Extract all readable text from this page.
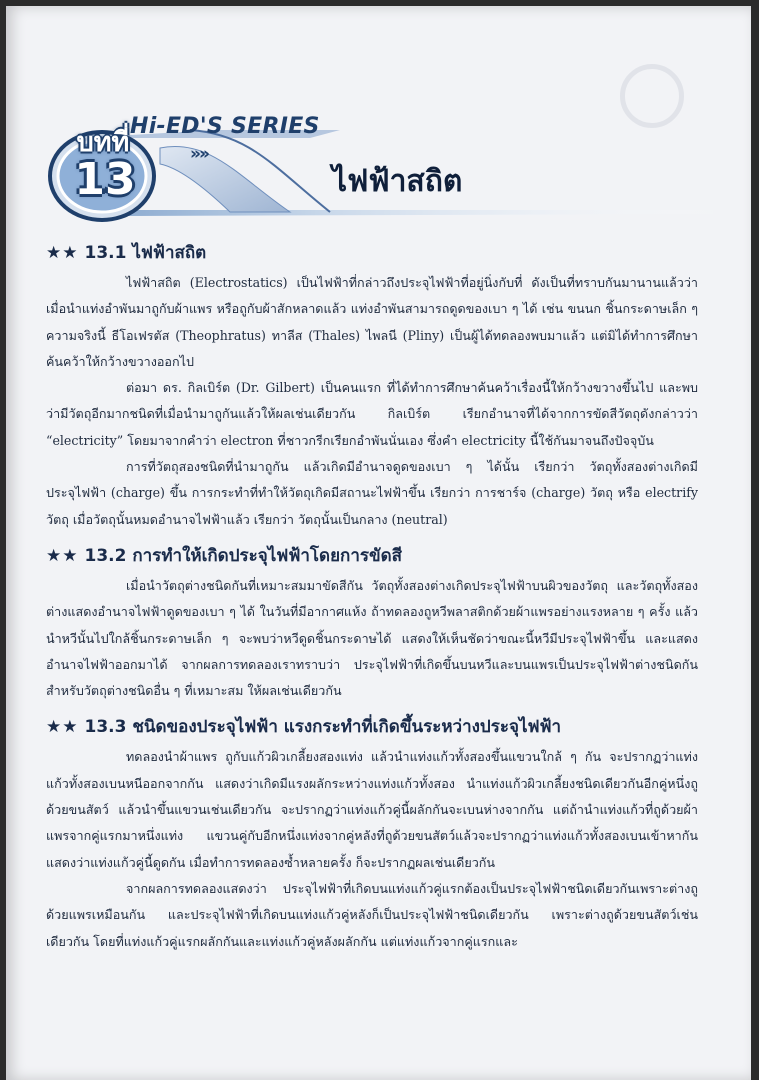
บทที่
13
Hi-ED'S SERIES
»»
ไฟฟ้าสถิต
★★ 13.1 ไฟฟ้าสถิต

ไฟฟ้าสถิต (Electrostatics) เป็นไฟฟ้าที่กล่าวถึงประจุไฟฟ้าที่อยู่นิ่งกับที่ ดังเป็นที่ทราบกันมานานแล้วว่า เมื่อนำแท่งอำพันมาถูกับผ้าแพร หรือถูกับผ้าสักหลาดแล้ว แท่งอำพันสามารถดูดของเบา ๆ ได้ เช่น ขนนก ชิ้นกระดาษเล็ก ๆ ความจริงนี้ ธีโอเฟรตัส (Theophratus) ทาลีส (Thales) ไพลนี (Pliny) เป็นผู้ได้ทดลองพบมาแล้ว แต่มิได้ทำการศึกษาค้นคว้าให้กว้างขวางออกไป

ต่อมา ดร. กิลเบิร์ต (Dr. Gilbert) เป็นคนแรก ที่ได้ทำการศึกษาค้นคว้าเรื่องนี้ให้กว้างขวางขึ้นไป และพบว่ามีวัตถุอีกมากชนิดที่เมื่อนำมาถูกันแล้วให้ผลเช่นเดียวกัน กิลเบิร์ต เรียกอำนาจที่ได้จากการขัดสีวัตถุดังกล่าวว่า “electricity” โดยมาจากคำว่า electron ที่ชาวกรีกเรียกอำพันนั่นเอง ซึ่งคำ electricity นี้ใช้กันมาจนถึงปัจจุบัน

การที่วัตถุสองชนิดที่นำมาถูกัน แล้วเกิดมีอำนาจดูดของเบา ๆ ได้นั้น เรียกว่า วัตถุทั้งสองต่างเกิดมีประจุไฟฟ้า (charge) ขึ้น การกระทำที่ทำให้วัตถุเกิดมีสถานะไฟฟ้าขึ้น เรียกว่า การชาร์จ (charge) วัตถุ หรือ electrify วัตถุ เมื่อวัตถุนั้นหมดอำนาจไฟฟ้าแล้ว เรียกว่า วัตถุนั้นเป็นกลาง (neutral)

★★ 13.2 การทำให้เกิดประจุไฟฟ้าโดยการขัดสี

เมื่อนำวัตถุต่างชนิดกันที่เหมาะสมมาขัดสีกัน วัตถุทั้งสองต่างเกิดประจุไฟฟ้าบนผิวของวัตถุ และวัตถุทั้งสองต่างแสดงอำนาจไฟฟ้าดูดของเบา ๆ ได้ ในวันที่มีอากาศแห้ง ถ้าทดลองถูหวีพลาสติกด้วยผ้าแพรอย่างแรงหลาย ๆ ครั้ง แล้วนำหวีนั้นไปใกล้ชิ้นกระดาษเล็ก ๆ จะพบว่าหวีดูดชิ้นกระดาษได้ แสดงให้เห็นชัดว่าขณะนี้หวีมีประจุไฟฟ้าขึ้น และแสดงอำนาจไฟฟ้าออกมาได้ จากผลการทดลองเราทราบว่า ประจุไฟฟ้าที่เกิดขึ้นบนหวีและบนแพรเป็นประจุไฟฟ้าต่างชนิดกัน สำหรับวัตถุต่างชนิดอื่น ๆ ที่เหมาะสม ให้ผลเช่นเดียวกัน

★★ 13.3 ชนิดของประจุไฟฟ้า แรงกระทำที่เกิดขึ้นระหว่างประจุไฟฟ้า

ทดลองนำผ้าแพร ถูกับแก้วผิวเกลี้ยงสองแท่ง แล้วนำแท่งแก้วทั้งสองขึ้นแขวนใกล้ ๆ กัน จะปรากฏว่าแท่งแก้วทั้งสองเบนหนีออกจากกัน แสดงว่าเกิดมีแรงผลักระหว่างแท่งแก้วทั้งสอง นำแท่งแก้วผิวเกลี้ยงชนิดเดียวกันอีกคู่หนึ่งถูด้วยขนสัตว์ แล้วนำขึ้นแขวนเช่นเดียวกัน จะปรากฏว่าแท่งแก้วคู่นี้ผลักกันจะเบนห่างจากกัน แต่ถ้านำแท่งแก้วที่ถูด้วยผ้าแพรจากคู่แรกมาหนึ่งแท่ง แขวนคู่กับอีกหนึ่งแท่งจากคู่หลังที่ถูด้วยขนสัตว์แล้วจะปรากฏว่าแท่งแก้วทั้งสองเบนเข้าหากัน แสดงว่าแท่งแก้วคู่นี้ดูดกัน เมื่อทำการทดลองซ้ำหลายครั้ง ก็จะปรากฏผลเช่นเดียวกัน

จากผลการทดลองแสดงว่า ประจุไฟฟ้าที่เกิดบนแท่งแก้วคู่แรกต้องเป็นประจุไฟฟ้าชนิดเดียวกันเพราะต่างถูด้วยแพรเหมือนกัน และประจุไฟฟ้าที่เกิดบนแท่งแก้วคู่หลังก็เป็นประจุไฟฟ้าชนิดเดียวกัน เพราะต่างถูด้วยขนสัตว์เช่นเดียวกัน โดยที่แท่งแก้วคู่แรกผลักกันและแท่งแก้วคู่หลังผลักกัน แต่แท่งแก้วจากคู่แรกและ
